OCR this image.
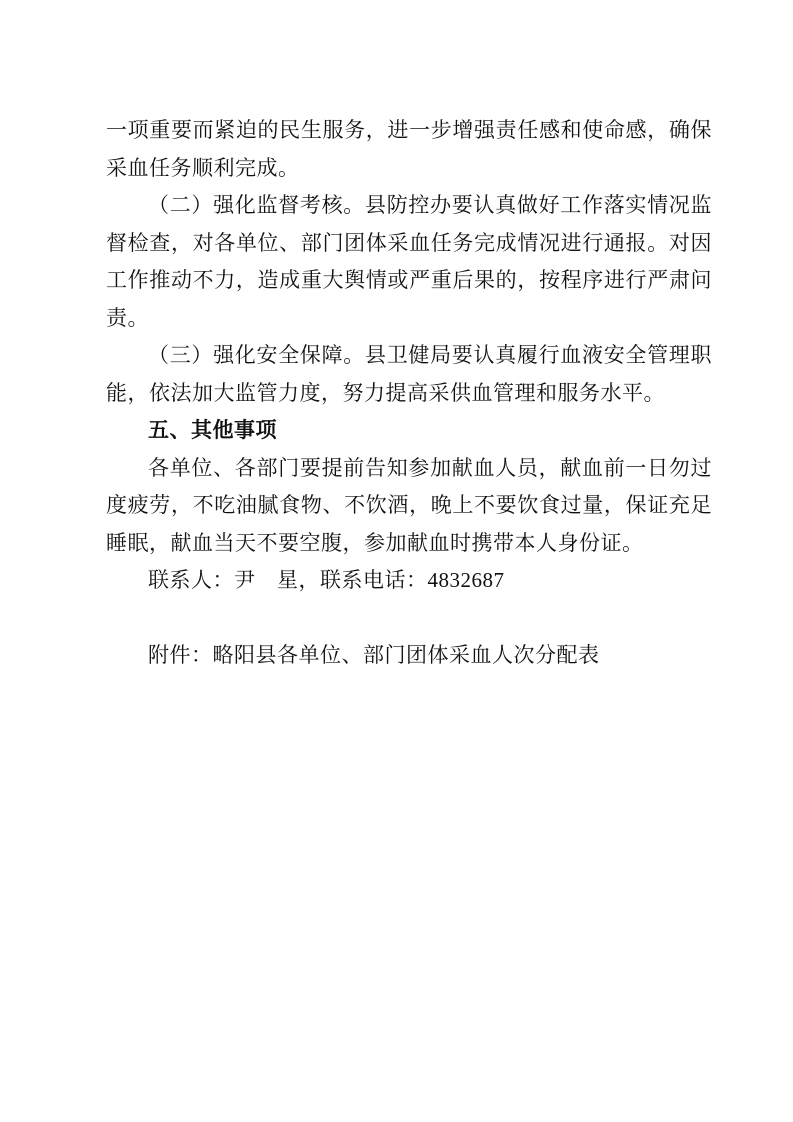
一项重要而紧迫的民生服务，进一步增强责任感和使命感，确保采血任务顺利完成。

（二）强化监督考核。县防控办要认真做好工作落实情况监督检查，对各单位、部门团体采血任务完成情况进行通报。对因工作推动不力，造成重大舆情或严重后果的，按程序进行严肃问责。

（三）强化安全保障。县卫健局要认真履行血液安全管理职能，依法加大监管力度，努力提高采供血管理和服务水平。

五、其他事项

各单位、各部门要提前告知参加献血人员，献血前一日勿过度疲劳，不吃油腻食物、不饮酒，晚上不要饮食过量，保证充足睡眠，献血当天不要空腹，参加献血时携带本人身份证。

联系人：尹　星，联系电话：4832687

附件：略阳县各单位、部门团体采血人次分配表
